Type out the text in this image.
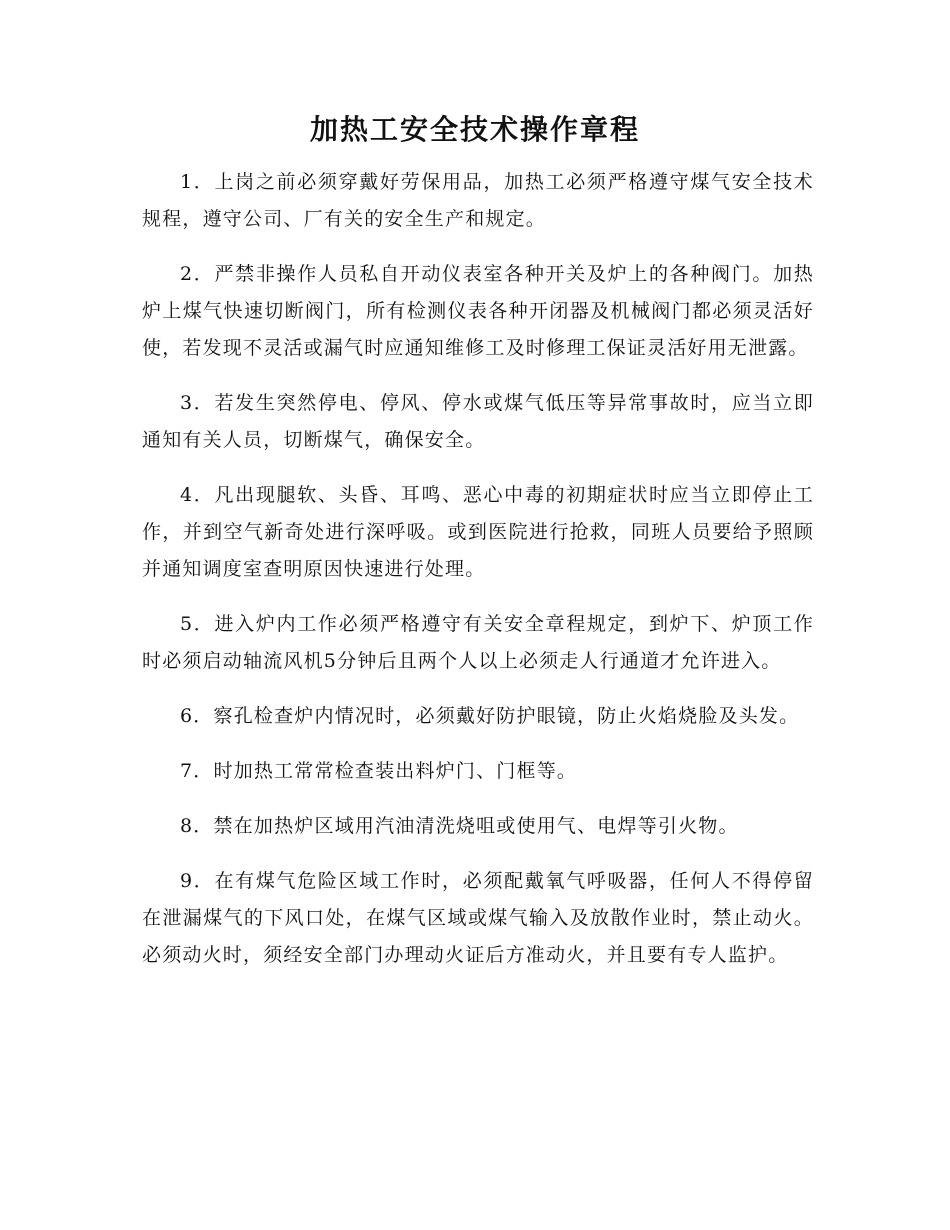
加热工安全技术操作章程

1．上岗之前必须穿戴好劳保用品，加热工必须严格遵守煤气安全技术规程，遵守公司、厂有关的安全生产和规定。

2．严禁非操作人员私自开动仪表室各种开关及炉上的各种阀门。加热炉上煤气快速切断阀门，所有检测仪表各种开闭器及机械阀门都必须灵活好使，若发现不灵活或漏气时应通知维修工及时修理工保证灵活好用无泄露。

3．若发生突然停电、停风、停水或煤气低压等异常事故时，应当立即通知有关人员，切断煤气，确保安全。

4．凡出现腿软、头昏、耳鸣、恶心中毒的初期症状时应当立即停止工作，并到空气新奇处进行深呼吸。或到医院进行抢救，同班人员要给予照顾并通知调度室查明原因快速进行处理。

5．进入炉内工作必须严格遵守有关安全章程规定，到炉下、炉顶工作时必须启动轴流风机5分钟后且两个人以上必须走人行通道才允许进入。

6．察孔检查炉内情况时，必须戴好防护眼镜，防止火焰烧脸及头发。

7．时加热工常常检查装出料炉门、门框等。

8．禁在加热炉区域用汽油清洗烧咀或使用气、电焊等引火物。

9．在有煤气危险区域工作时，必须配戴氧气呼吸器，任何人不得停留在泄漏煤气的下风口处，在煤气区域或煤气输入及放散作业时，禁止动火。必须动火时，须经安全部门办理动火证后方准动火，并且要有专人监护。
